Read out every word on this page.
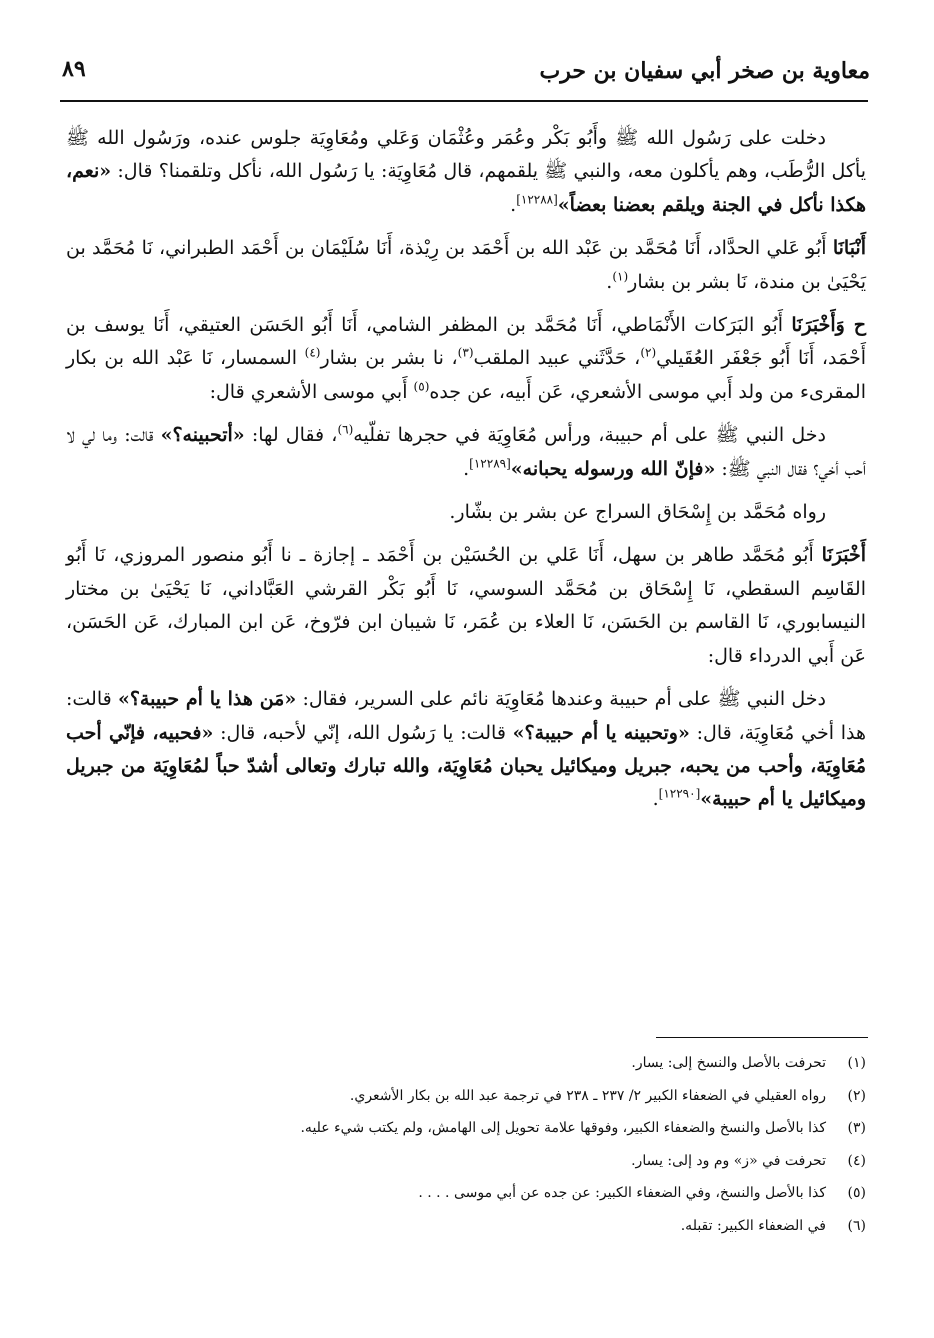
٨٩	معاوية بن صخر أبي سفيان بن حرب

دخلت على رَسُول الله ﷺ وأَبُو بَكْر وعُمَر وعُثْمَان وَعَلي ومُعَاوِيَة جلوس عنده، ورَسُول الله ﷺ يأكل الرُّطَب، وهم يأكلون معه، والنبي ﷺ يلقمهم، قال مُعَاوِيَة: يا رَسُول الله، نأكل وتلقمنا؟ قال: «نعم، هكذا نأكل في الجنة ويلقم بعضنا بعضاً»[١٢٢٨٨].

أَنْبَانَا أَبُو عَلي الحدَّاد، أَنَا مُحَمَّد بن عَبْد الله بن أَحْمَد بن رِيْذة، أَنَا سُلَيْمَان بن أَحْمَد الطبراني، نَا مُحَمَّد بن يَحْيَىٰ بن مندة، نَا بشر بن بشار$^{(١)}$.

ح وَأَخْبَرَنَا أَبُو البَرَكات الأَنْمَاطي، أَنَا مُحَمَّد بن المظفر الشامي، أَنَا أَبُو الحَسَن العتيقي، أَنَا يوسف بن أَحْمَد، أَنَا أَبُو جَعْفَر العُقَيلي$^{(٢)}$، حَدَّثَني عبيد الملقب$^{(٣)}$، نا بشر بن بشار$^{(٤)}$ السمسار، نَا عَبْد الله بن بكار المقرىء من ولد أَبي موسى الأشعري، عَن أَبيه، عن جده$^{(٥)}$ أَبي موسى الأشعري قال:

دخل النبي ﷺ على أم حبيبة، ورأس مُعَاوِيَة في حجرها تفلّيه$^{(٦)}$، فقال لها: «أتحبينه؟» قالت: وما لي لا أحب أخي؟ فقال النبي ﷺ: «فإنّ الله ورسوله يحبانه»[١٢٢٨٩].

رواه مُحَمَّد بن إِسْحَاق السراج عن بشر بن بشّار.

أَخْبَرَنَا أَبُو مُحَمَّد طاهر بن سهل، أَنَا عَلي بن الحُسَيْن بن أَحْمَد ـ إجازة ـ نا أَبُو منصور المروزي، نَا أَبُو القَاسِم السقطي، نَا إِسْحَاق بن مُحَمَّد السوسي، نَا أَبُو بَكْر القرشي العَبَّاداني، نَا يَحْيَىٰ بن مختار النيسابوري، نَا القاسم بن الحَسَن، نَا العلاء بن عُمَر، نَا شيبان ابن فرّوخ، عَن ابن المبارك، عَن الحَسَن، عَن أَبي الدرداء قال:

دخل النبي ﷺ على أم حبيبة وعندها مُعَاوِيَة نائم على السرير، فقال: «مَن هذا يا أم حبيبة؟» قالت: هذا أخي مُعَاوِيَة، قال: «وتحبينه يا أم حبيبة؟» قالت: يا رَسُول الله، إنّي لأحبه، قال: «فحبيه، فإنّي أحب مُعَاوِيَة، وأحب من يحبه، جبريل وميكائيل يحبان مُعَاوِيَة، والله تبارك وتعالى أشدّ حباً لمُعَاوِيَة من جبريل وميكائيل يا أم حبيبة»[١٢٢٩٠].

(١)تحرفت بالأصل والنسخ إلى: يسار.
(٢)رواه العقيلي في الضعفاء الكبير ٢/ ٢٣٧ ـ ٢٣٨ في ترجمة عبد الله بن بكار الأشعري.
(٣)كذا بالأصل والنسخ والضعفاء الكبير، وفوقها علامة تحويل إلى الهامش، ولم يكتب شيء عليه.
(٤)تحرفت في «ز» وم ود إلى: يسار.
(٥)كذا بالأصل والنسخ، وفي الضعفاء الكبير: عن جده عن أبي موسى . . . .
(٦)في الضعفاء الكبير: تقبله.
